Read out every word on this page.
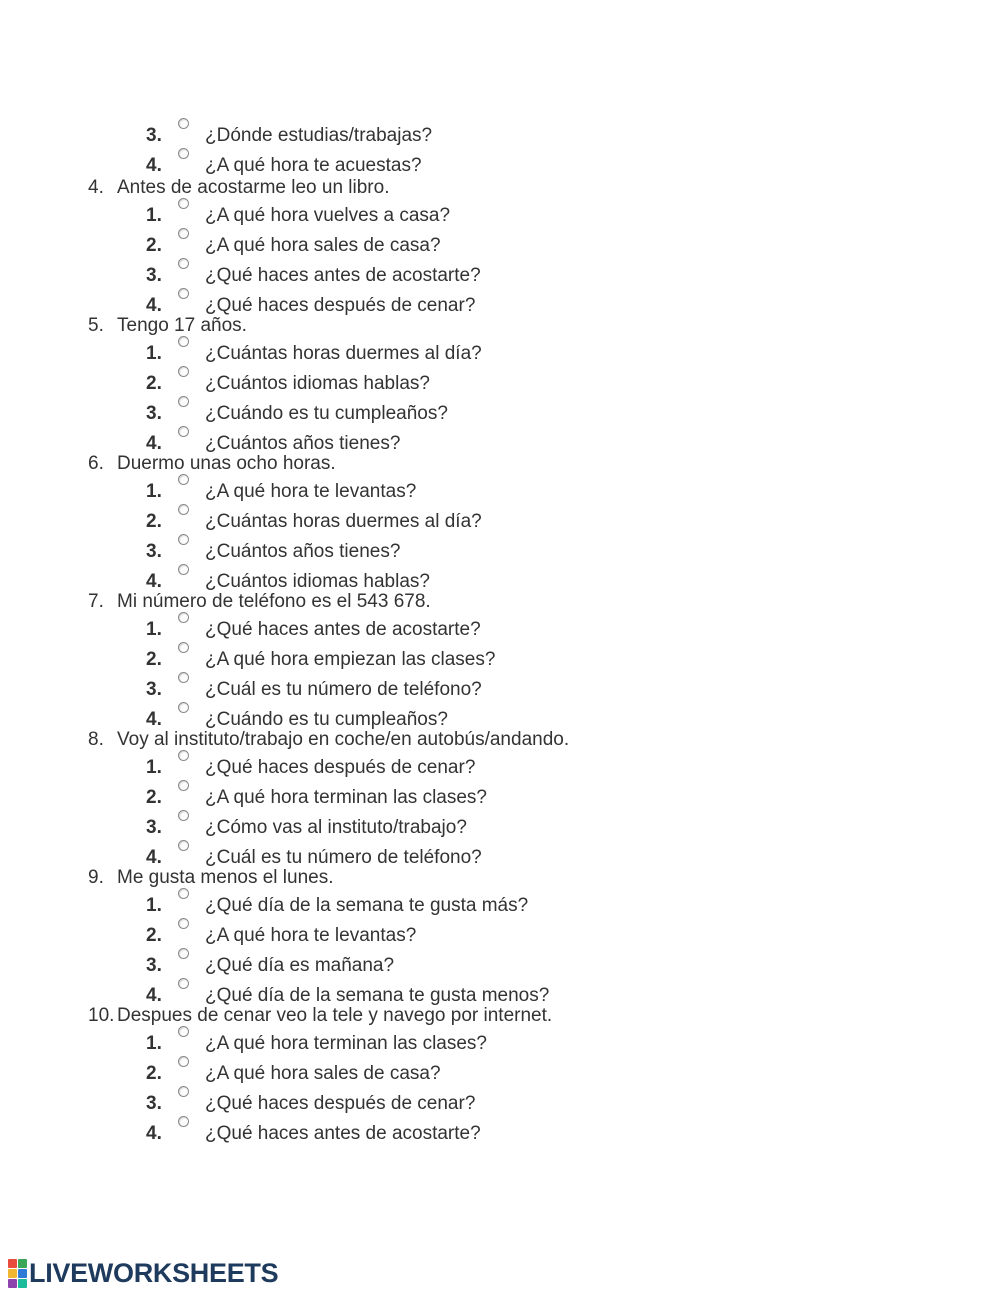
3. ¿Dónde estudias/trabajas?
4. ¿A qué hora te acuestas?
4. Antes de acostarme leo un libro.
1. ¿A qué hora vuelves a casa?
2. ¿A qué hora sales de casa?
3. ¿Qué haces antes de acostarte?
4. ¿Qué haces después de cenar?
5. Tengo 17 años.
1. ¿Cuántas horas duermes al día?
2. ¿Cuántos idiomas hablas?
3. ¿Cuándo es tu cumpleaños?
4. ¿Cuántos años tienes?
6. Duermo unas ocho horas.
1. ¿A qué hora te levantas?
2. ¿Cuántas horas duermes al día?
3. ¿Cuántos años tienes?
4. ¿Cuántos idiomas hablas?
7. Mi número de teléfono es el 543 678.
1. ¿Qué haces antes de acostarte?
2. ¿A qué hora empiezan las clases?
3. ¿Cuál es tu número de teléfono?
4. ¿Cuándo es tu cumpleaños?
8. Voy al instituto/trabajo en coche/en autobús/andando.
1. ¿Qué haces después de cenar?
2. ¿A qué hora terminan las clases?
3. ¿Cómo vas al instituto/trabajo?
4. ¿Cuál es tu número de teléfono?
9. Me gusta menos el lunes.
1. ¿Qué día de la semana te gusta más?
2. ¿A qué hora te levantas?
3. ¿Qué día es mañana?
4. ¿Qué día de la semana te gusta menos?
10. Despues de cenar veo la tele y navego por internet.
1. ¿A qué hora terminan las clases?
2. ¿A qué hora sales de casa?
3. ¿Qué haces después de cenar?
4. ¿Qué haces antes de acostarte?
LIVEWORKSHEETS
